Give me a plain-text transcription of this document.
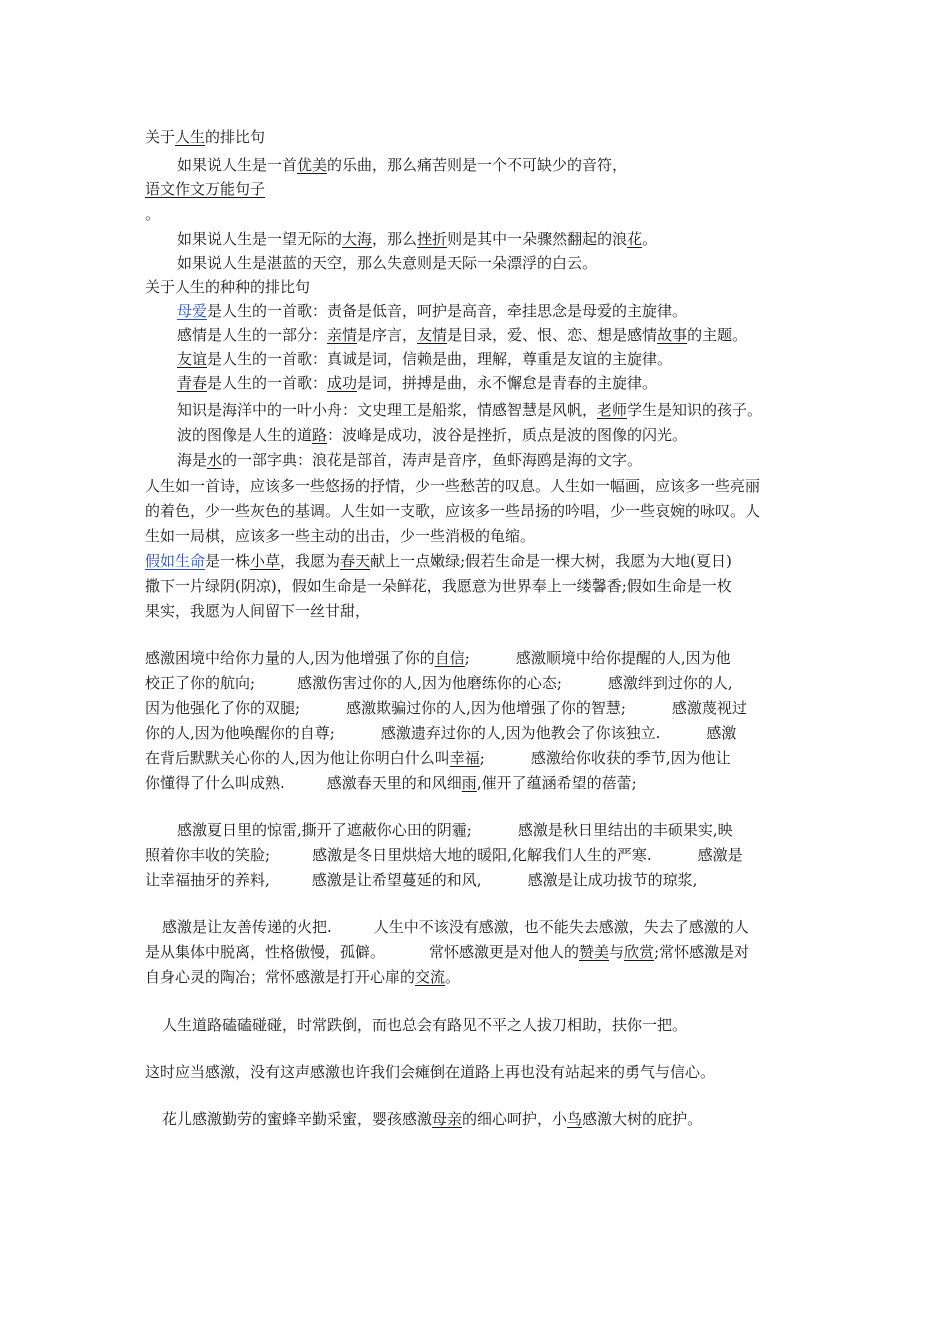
关于人生的排比句
如果说人生是一首优美的乐曲，那么痛苦则是一个不可缺少的音符，
语文作文万能句子
。
如果说人生是一望无际的大海，那么挫折则是其中一朵骤然翻起的浪花。
如果说人生是湛蓝的天空，那么失意则是天际一朵漂浮的白云。
关于人生的种种的排比句
母爱是人生的一首歌：责备是低音，呵护是高音，牵挂思念是母爱的主旋律。
感情是人生的一部分：亲情是序言，友情是目录，爱、恨、恋、想是感情故事的主题。
友谊是人生的一首歌：真诚是词，信赖是曲，理解，尊重是友谊的主旋律。
青春是人生的一首歌：成功是词，拼搏是曲，永不懈怠是青春的主旋律。
知识是海洋中的一叶小舟：文史理工是船浆，情感智慧是风帆，老师学生是知识的孩子。
波的图像是人生的道路：波峰是成功，波谷是挫折，质点是波的图像的闪光。
海是水的一部字典：浪花是部首，涛声是音序，鱼虾海鸥是海的文字。
人生如一首诗，应该多一些悠扬的抒情，少一些愁苦的叹息。人生如一幅画，应该多一些亮丽
的着色，少一些灰色的基调。人生如一支歌，应该多一些昂扬的吟唱，少一些哀婉的咏叹。人
生如一局棋，应该多一些主动的出击，少一些消极的龟缩。
假如生命是一株小草，我愿为春天献上一点嫩绿;假若生命是一棵大树，我愿为大地(夏日)
撒下一片绿阴(阴凉)，假如生命是一朵鲜花，我愿意为世界奉上一缕馨香;假如生命是一枚
果实，我愿为人间留下一丝甘甜，
感激困境中给你力量的人,因为他增强了你的自信;	感激顺境中给你提醒的人,因为他
校正了你的航向;	感激伤害过你的人,因为他磨练你的心态;	感激绊到过你的人,
因为他强化了你的双腿;	感激欺骗过你的人,因为他增强了你的智慧;	感激蔑视过
你的人,因为他唤醒你的自尊;	感激遗弃过你的人,因为他教会了你该独立.	感激
在背后默默关心你的人,因为他让你明白什么叫幸福;	感激给你收获的季节,因为他让
你懂得了什么叫成熟.	感激春天里的和风细雨,催开了蕴涵希望的蓓蕾;
感激夏日里的惊雷,撕开了遮蔽你心田的阴霾;	感激是秋日里结出的丰硕果实,映
照着你丰收的笑脸;	感激是冬日里烘焙大地的暖阳,化解我们人生的严寒.	感激是
让幸福抽牙的养料,	感激是让希望蔓延的和风,	感激是让成功拔节的琼浆,
感激是让友善传递的火把.	人生中不该没有感激，也不能失去感激，失去了感激的人
是从集体中脱离，性格傲慢，孤僻。	常怀感激更是对他人的赞美与欣赏;常怀感激是对
自身心灵的陶冶；常怀感激是打开心扉的交流。
人生道路磕磕碰碰，时常跌倒，而也总会有路见不平之人拔刀相助，扶你一把。
这时应当感激，没有这声感激也许我们会瘫倒在道路上再也没有站起来的勇气与信心。
花儿感激勤劳的蜜蜂辛勤采蜜，婴孩感激母亲的细心呵护，小鸟感激大树的庇护。
